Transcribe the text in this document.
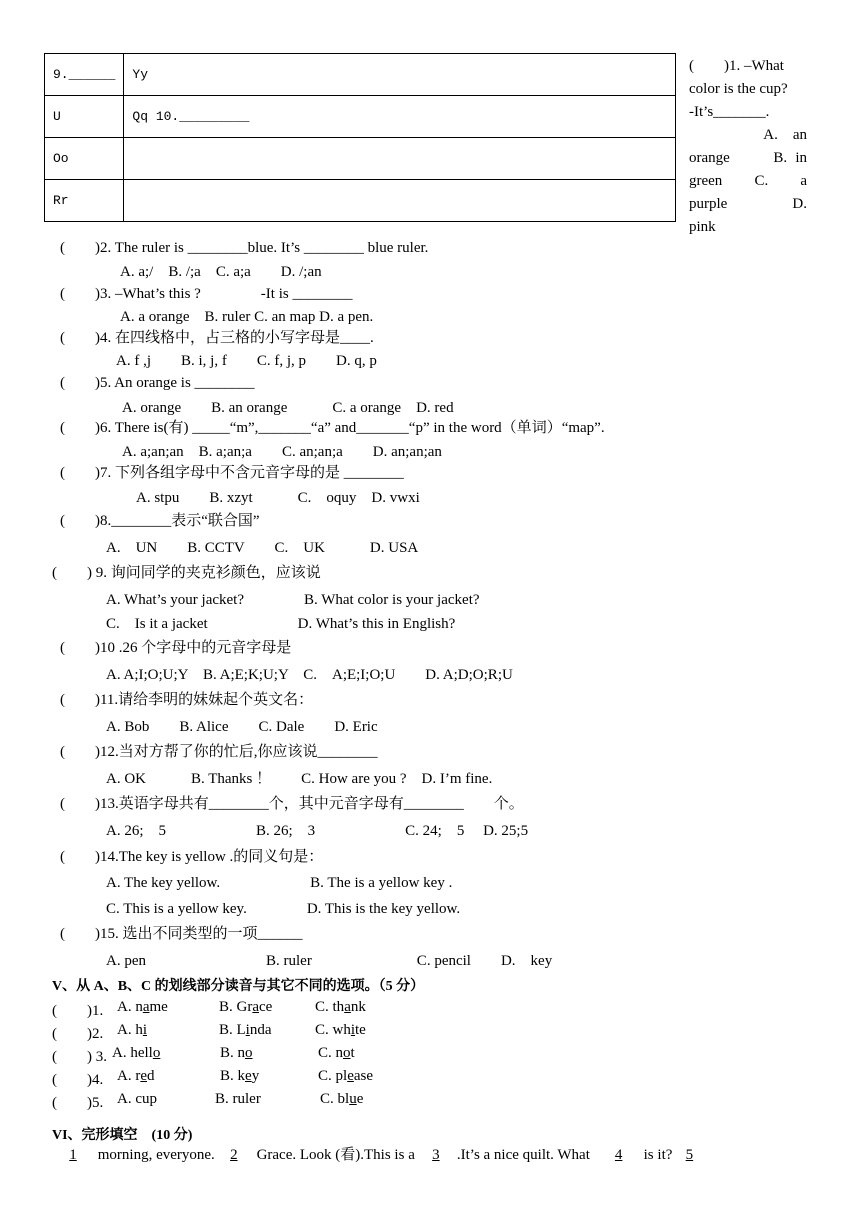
9.______	Yy
U	Qq 10._________
Oo	
Rr	
(　　)1. –What
color is the cup?
-It’s_______.
A.　an
orange　　B. in
green　　C.　　a
purple　　　D.
pink
(　　)2. The ruler is ________blue. It’s ________ blue ruler.
A. a;/　B. /;a　C. a;a　　D. /;an
(　　)3. –What’s this ?　　　　-It is ________
A. a orange　B. ruler C. an map D. a pen.
(　　)4. 在四线格中，占三格的小写字母是____.
A. f ,j　　B. i, j, f　　C. f, j, p　　D. q, p
(　　)5. An orange is ________
A. orange　　B. an orange　　　C. a orange　D. red
(　　)6. There is(有) _____“m”,_______“a” and_______“p” in the word（单词）“map”.
A. a;an;an　B. a;an;a　　C. an;an;a　　D. an;an;an
(　　)7. 下列各组字母中不含元音字母的是 ________
A. stpu　　B. xzyt　　　C.　oquy　D. vwxi
(　　)8.________表示“联合国”
A.　UN　　B. CCTV　　C.　UK　　　D. USA
(　　) 9. 询问同学的夹克衫颜色，应该说
A. What’s your jacket?　　　　B. What color is your jacket?
C.　Is it a jacket　　　　　　D. What’s this in English?
(　　)10 .26 个字母中的元音字母是
A. A;I;O;U;Y　B. A;E;K;U;Y　C.　A;E;I;O;U　　D. A;D;O;R;U
(　　)11.请给李明的妹妹起个英文名：
A. Bob　　B. Alice　　C. Dale　　D. Eric
(　　)12.当对方帮了你的忙后,你应该说________
A. OK　　　B. Thanks ！　　C. How are you ?　D. I’m fine.
(　　)13.英语字母共有________个，其中元音字母有________　　个。
A. 26;　5　　　　　　B. 26;　3　　　　　　C. 24;　5　 D. 25;5
(　　)14.The key is yellow .的同义句是：
A. The key yellow.　　　　　　B. The is a yellow key .
C. This is a yellow key.　　　　D. This is the key yellow.
(　　)15. 选出不同类型的一项______
A. pen　　　　　　　　B. ruler　　　　　　　C. pencil　　D.　key
V、从 A、B、C 的划线部分读音与其它不同的选项。（5 分）
(　　)1. A. name	B. Grace	C. thank
(　　)2. A. hi	B. Linda	C. white
(　　) 3. A. hello	B. no	C. not
(　　)4. A. red	B. key	C. please
(　　)5. A. cup	B. ruler	C. blue
VI、完形填空　(10 分)
1 morning, everyone. 2 Grace. Look (看).This is a 3 .It’s a nice quilt. What 4 is it? 5
